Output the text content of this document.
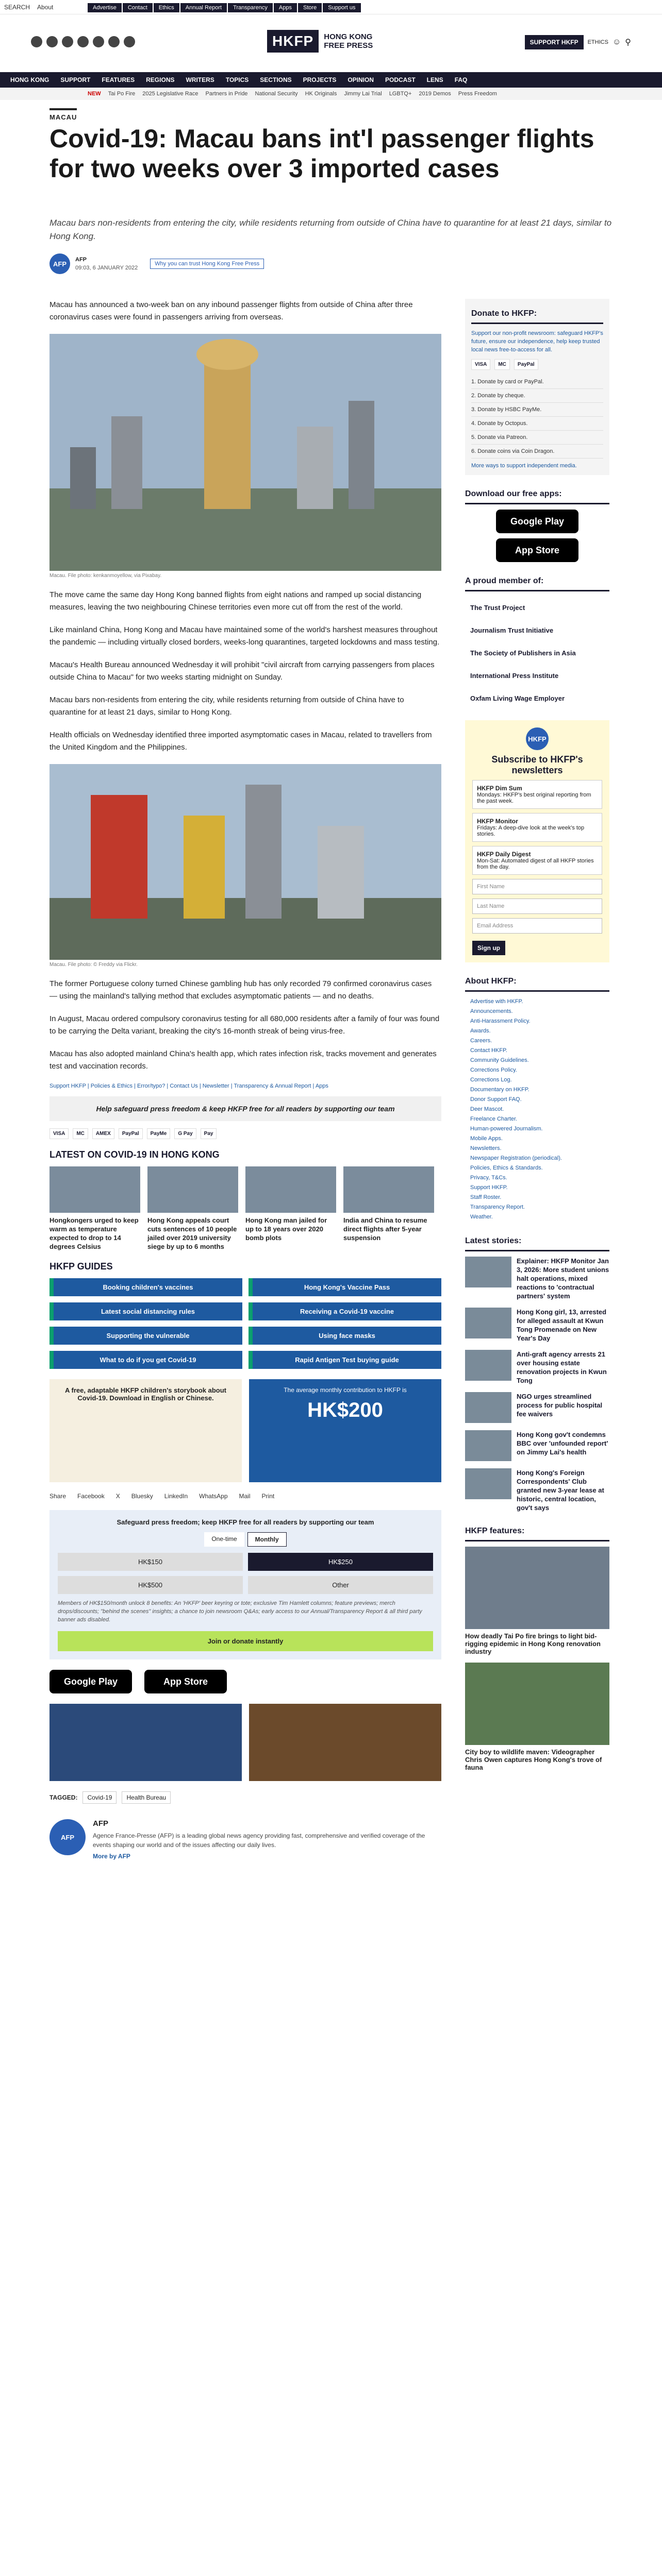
SEARCH About	Advertise	Contact	Ethics	Annual Report	Transparency	Apps	Store	Support us
HKFP	HONG KONG
FREE PRESS	SUPPORT HKFP	ETHICS ☺ ⚲
HONG KONG SUPPORT FEATURES REGIONS WRITERS TOPICS SECTIONS PROJECTS OPINION PODCAST LENS FAQ
NEW Tai Po Fire 2025 Legislative Race Partners in Pride National Security HK Originals Jimmy Lai Trial LGBTQ+ 2019 Demos Press Freedom
MACAU
Covid-19: Macau bans int'l passenger flights for two weeks over 3 imported cases
Macau bars non-residents from entering the city, while residents returning from outside of China have to quarantine for at least 21 days, similar to Hong Kong.
AFP
AFP
09:03, 6 JANUARY 2022
Why you can trust Hong Kong Free Press

Macau has announced a two-week ban on any inbound passenger flights from outside of China after three coronavirus cases were found in passengers arriving from overseas.

Macau. File photo: kenkanmoyellow, via Pixabay.

The move came the same day Hong Kong banned flights from eight nations and ramped up social distancing measures, leaving the two neighbouring Chinese territories even more cut off from the rest of the world.

Like mainland China, Hong Kong and Macau have maintained some of the world's harshest measures throughout the pandemic — including virtually closed borders, weeks-long quarantines, targeted lockdowns and mass testing.

Macau's Health Bureau announced Wednesday it will prohibit "civil aircraft from carrying passengers from places outside China to Macau" for two weeks starting midnight on Sunday.

Macau bars non-residents from entering the city, while residents returning from outside of China have to quarantine for at least 21 days, similar to Hong Kong.

Health officials on Wednesday identified three imported asymptomatic cases in Macau, related to travellers from the United Kingdom and the Philippines.

Macau. File photo: © Freddy via Flickr.

The former Portuguese colony turned Chinese gambling hub has only recorded 79 confirmed coronavirus cases — using the mainland's tallying method that excludes asymptomatic patients — and no deaths.

In August, Macau ordered compulsory coronavirus testing for all 680,000 residents after a family of four was found to be carrying the Delta variant, breaking the city's 16-month streak of being virus-free.

Macau has also adopted mainland China's health app, which rates infection risk, tracks movement and generates test and vaccination records.

Support HKFP | Policies & Ethics | Error/typo? | Contact Us | Newsletter | Transparency & Annual Report | Apps
Help safeguard press freedom & keep HKFP free for all readers by supporting our team
VISA	MC	AMEX	PayPal	PayMe	G Pay	Pay
LATEST ON COVID-19 IN HONG KONG
Hongkongers urged to keep warm as temperature expected to drop to 14 degrees Celsius
Hong Kong appeals court cuts sentences of 10 people jailed over 2019 university siege by up to 6 months
Hong Kong man jailed for up to 18 years over 2020 bomb plots
India and China to resume direct flights after 5-year suspension
HKFP GUIDES
Booking children's vaccines	Hong Kong's Vaccine Pass
Latest social distancing rules	Receiving a Covid-19 vaccine
Supporting the vulnerable	Using face masks
What to do if you get Covid-19	Rapid Antigen Test buying guide
A free, adaptable HKFP children's storybook about Covid-19. Download in English or Chinese.
The average monthly contribution to HKFP is
HK$200
Share Facebook X Bluesky LinkedIn WhatsApp Mail Print
Safeguard press freedom; keep HKFP free for all readers by supporting our team
One-time	Monthly
HK$150	HK$250
HK$500	Other
Members of HK$150/month unlock 8 benefits: An 'HKFP' beer keyring or tote; exclusive Tim Hamlett columns; feature previews; merch drops/discounts; "behind the scenes" insights; a chance to join newsroom Q&As; early access to our Annual/Transparency Report & all third party banner ads disabled.
Join or donate instantly
Google Play	App Store
TAGGED:	Covid-19	Health Bureau
AFP
AFP
Agence France-Presse (AFP) is a leading global news agency providing fast, comprehensive and verified coverage of the events shaping our world and of the issues affecting our daily lives.
More by AFP
Donate to HKFP:
Support our non-profit newsroom: safeguard HKFP's future, ensure our independence, help keep trusted local news free-to-access for all.
VISA	MC	PayPal
1. Donate by card or PayPal.
2. Donate by cheque.
3. Donate by HSBC PayMe.
4. Donate by Octopus.
5. Donate via Patreon.
6. Donate coins via Coin Dragon.
More ways to support independent media.
Download our free apps:
Google Play
App Store
A proud member of:
The Trust Project
Journalism Trust Initiative
The Society of Publishers in Asia
International Press Institute
Oxfam Living Wage Employer
HKFP
Subscribe to HKFP's newsletters
HKFP Dim Sum
Mondays: HKFP's best original reporting from the past week.
HKFP Monitor
Fridays: A deep-dive look at the week's top stories.
HKFP Daily Digest
Mon-Sat: Automated digest of all HKFP stories from the day.
First Name
Last Name
Email Address
Sign up
About HKFP:
Advertise with HKFP.
Announcements.
Anti-Harassment Policy.
Awards.
Careers.
Contact HKFP.
Community Guidelines.
Corrections Policy.
Corrections Log.
Documentary on HKFP.
Donor Support FAQ.
Deer Mascot.
Freelance Charter.
Human-powered Journalism.
Mobile Apps.
Newsletters.
Newspaper Registration (periodical).
Policies, Ethics & Standards.
Privacy, T&Cs.
Support HKFP.
Staff Roster.
Transparency Report.
Weather.
Latest stories:
Explainer: HKFP Monitor Jan 3, 2026: More student unions halt operations, mixed reactions to 'contractual partners' system
Hong Kong girl, 13, arrested for alleged assault at Kwun Tong Promenade on New Year's Day
Anti-graft agency arrests 21 over housing estate renovation projects in Kwun Tong
NGO urges streamlined process for public hospital fee waivers
Hong Kong gov't condemns BBC over 'unfounded report' on Jimmy Lai's health
Hong Kong's Foreign Correspondents' Club granted new 3-year lease at historic, central location, gov't says
HKFP features:
How deadly Tai Po fire brings to light bid-rigging epidemic in Hong Kong renovation industry
City boy to wildlife maven: Videographer Chris Owen captures Hong Kong's trove of fauna
